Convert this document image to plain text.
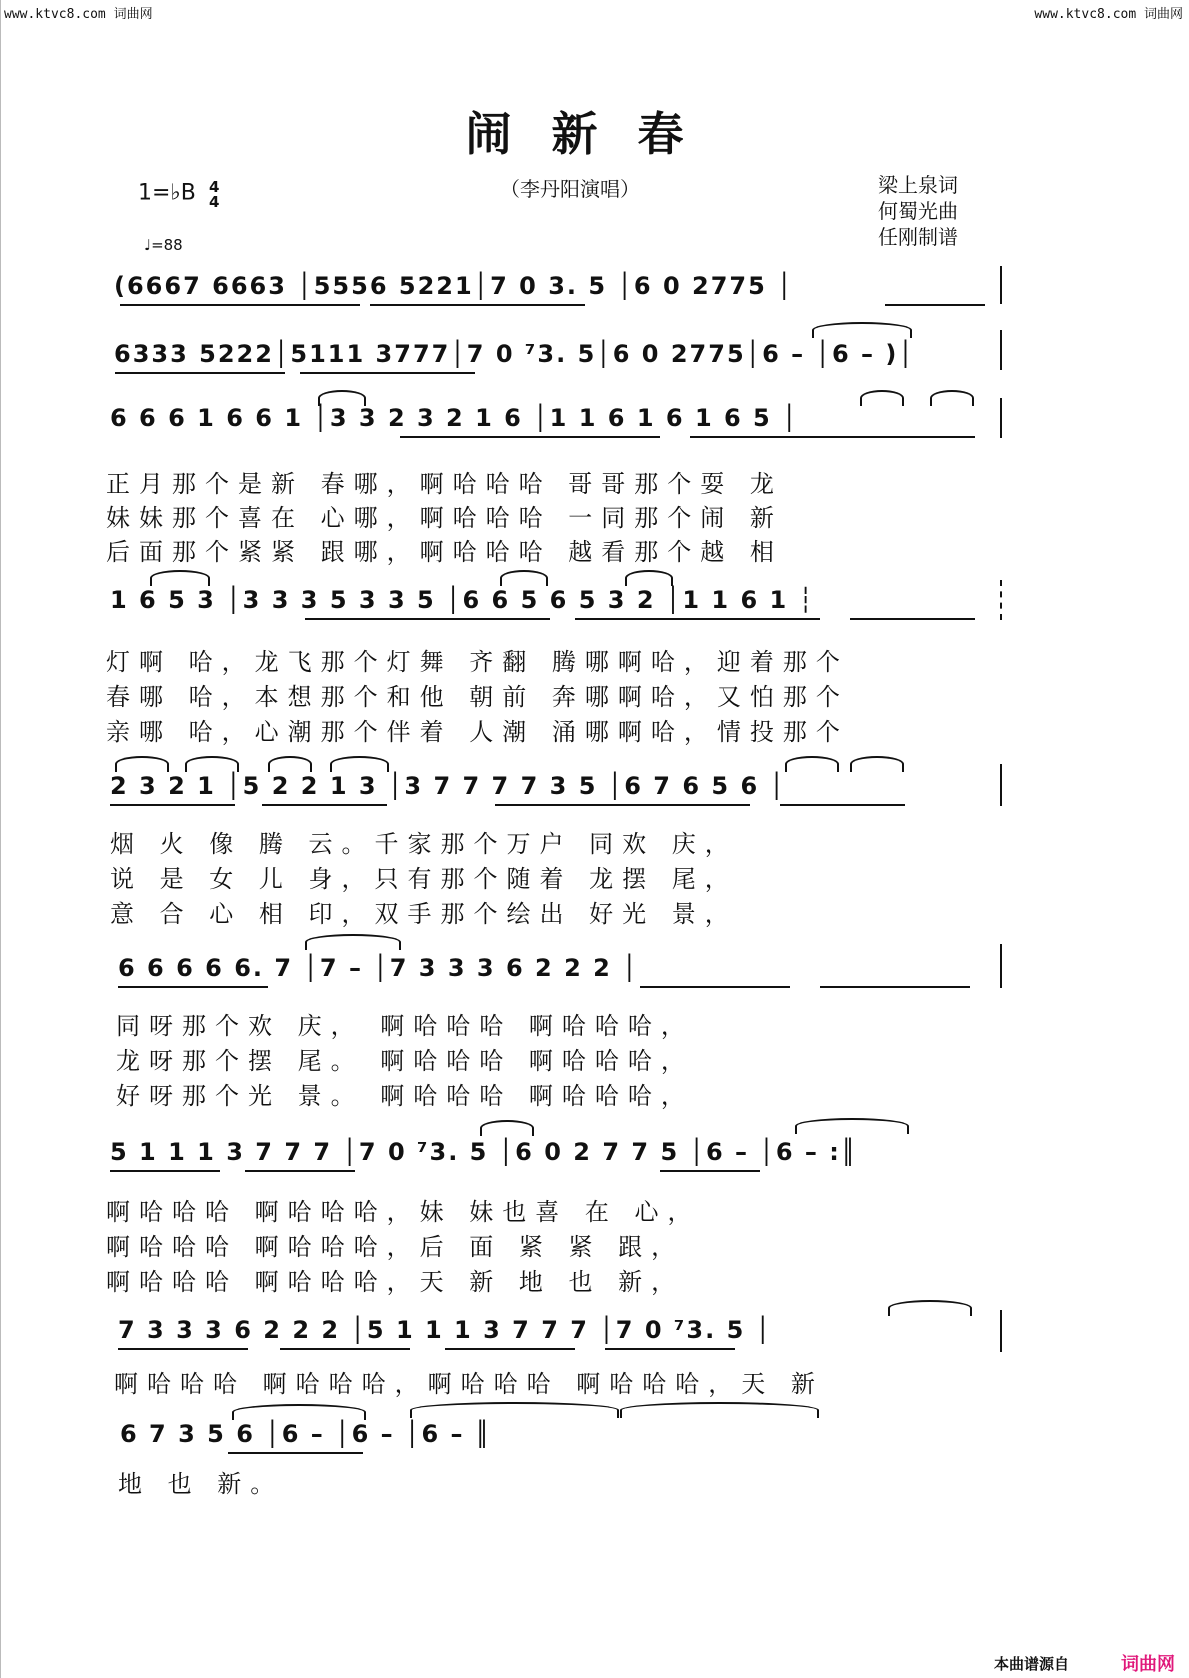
www.ktvc8.com 词曲网	www.ktvc8.com 词曲网
闹新春
（李丹阳演唱）	梁上泉词
何蜀光曲
任刚制谱
1=♭B 4
4
♩=88
(6667 6663 │5556 5221│7 0 3. 5 │6 0 2775 │
6333 5222│5111 3777│7 0 ⁷3. 5│6 0 2775│6 – │6 – )│
6 6 6 1 6 6 1 │3 3 2 3 2 1 6 │1 1 6 1 6 1 6 5 │
正月那个是新 春哪，啊哈哈哈 哥哥那个耍 龙
妹妹那个喜在 心哪，啊哈哈哈 一同那个闹 新
后面那个紧紧 跟哪，啊哈哈哈 越看那个越 相
1 6 5 3 │3 3 3 5 3 3 5 │6 6 5 6 5 3 2 │1 1 6 1 ┆
灯啊 哈，龙飞那个灯舞 齐翻 腾哪啊哈，迎着那个
春哪 哈，本想那个和他 朝前 奔哪啊哈，又怕那个
亲哪 哈，心潮那个伴着 人潮 涌哪啊哈，情投那个
2 3 2 1 │5 2 2 1 3 │3 7 7 7 7 3 5 │6 7 6 5 6 │
烟 火 像 腾 云。千家那个万户 同欢 庆，
说 是 女 儿 身，只有那个随着 龙摆 尾，
意 合 心 相 印，双手那个绘出 好光 景，
6 6 6 6 6. 7 │7 – │7 3 3 3 6 2 2 2 │
同呀那个欢 庆， 啊哈哈哈 啊哈哈哈，
龙呀那个摆 尾。 啊哈哈哈 啊哈哈哈，
好呀那个光 景。 啊哈哈哈 啊哈哈哈，
5 1 1 1 3 7 7 7 │7 0 ⁷3. 5 │6 0 2 7 7 5 │6 – │6 – :║
啊哈哈哈 啊哈哈哈，妹 妹也喜 在 心，
啊哈哈哈 啊哈哈哈，后 面 紧 紧 跟，
啊哈哈哈 啊哈哈哈，天 新 地 也 新，
7 3 3 3 6 2 2 2 │5 1 1 1 3 7 7 7 │7 0 ⁷3. 5 │
啊哈哈哈 啊哈哈哈，啊哈哈哈 啊哈哈哈，天 新
6 7 3 5 6 │6 – │6 – │6 – ║
地 也 新。
本曲谱源自	词曲网
